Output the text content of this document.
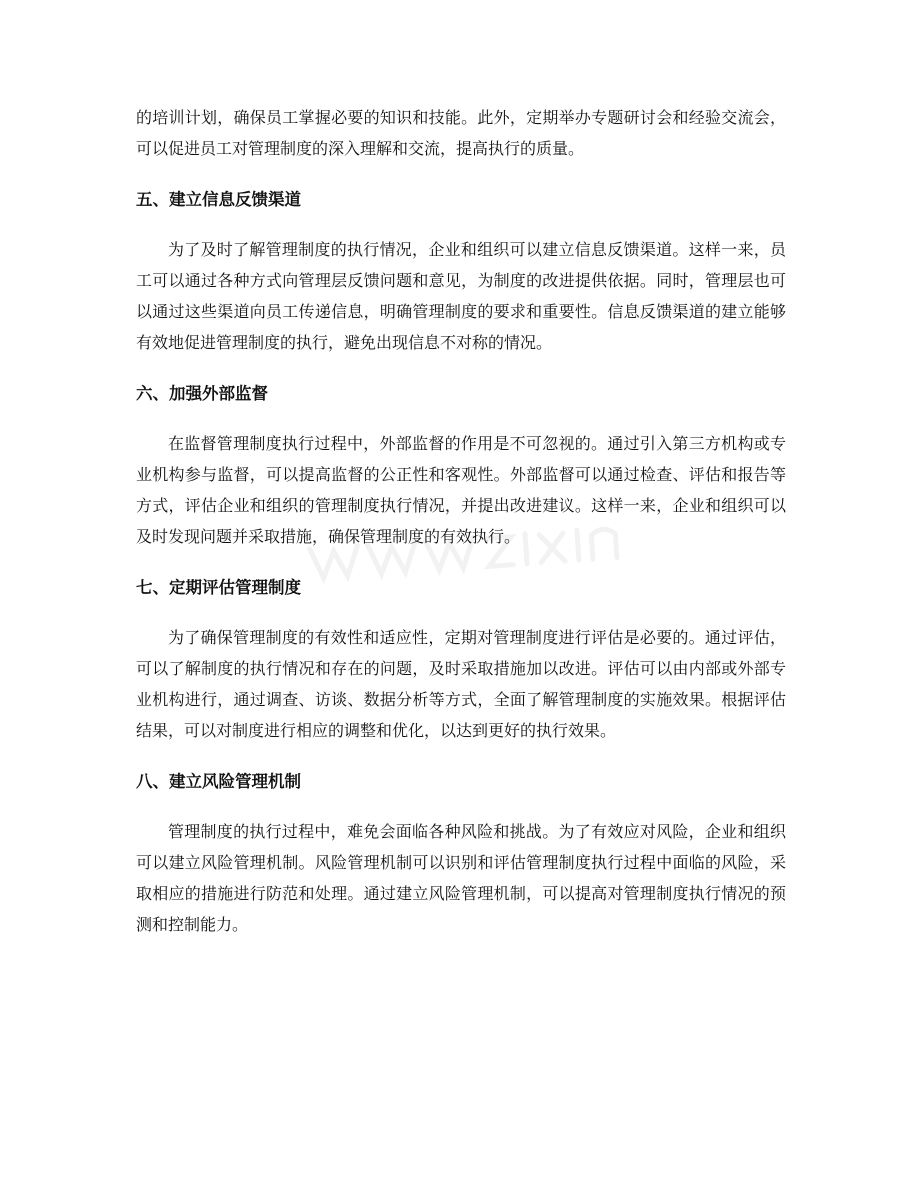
的培训计划，确保员工掌握必要的知识和技能。此外，定期举办专题研讨会和经验交流会，可以促进员工对管理制度的深入理解和交流，提高执行的质量。

五、建立信息反馈渠道

为了及时了解管理制度的执行情况，企业和组织可以建立信息反馈渠道。这样一来，员工可以通过各种方式向管理层反馈问题和意见，为制度的改进提供依据。同时，管理层也可以通过这些渠道向员工传递信息，明确管理制度的要求和重要性。信息反馈渠道的建立能够有效地促进管理制度的执行，避免出现信息不对称的情况。

六、加强外部监督

在监督管理制度执行过程中，外部监督的作用是不可忽视的。通过引入第三方机构或专业机构参与监督，可以提高监督的公正性和客观性。外部监督可以通过检查、评估和报告等方式，评估企业和组织的管理制度执行情况，并提出改进建议。这样一来，企业和组织可以及时发现问题并采取措施，确保管理制度的有效执行。

七、定期评估管理制度

为了确保管理制度的有效性和适应性，定期对管理制度进行评估是必要的。通过评估，可以了解制度的执行情况和存在的问题，及时采取措施加以改进。评估可以由内部或外部专业机构进行，通过调查、访谈、数据分析等方式，全面了解管理制度的实施效果。根据评估结果，可以对制度进行相应的调整和优化，以达到更好的执行效果。

八、建立风险管理机制

管理制度的执行过程中，难免会面临各种风险和挑战。为了有效应对风险，企业和组织可以建立风险管理机制。风险管理机制可以识别和评估管理制度执行过程中面临的风险，采取相应的措施进行防范和处理。通过建立风险管理机制，可以提高对管理制度执行情况的预测和控制能力。
